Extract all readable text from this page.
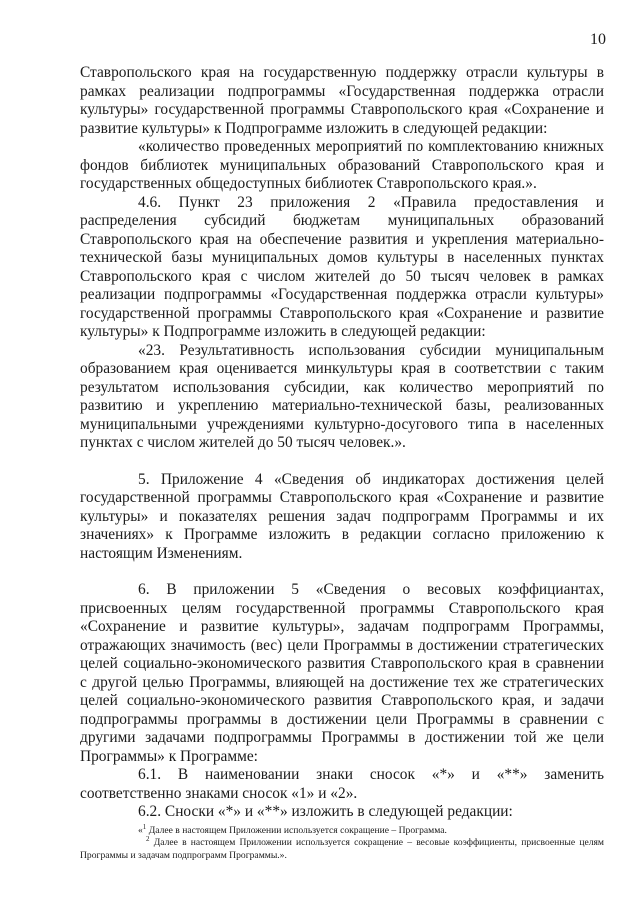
10

Ставропольского края на государственную поддержку отрасли культуры в рамках реализации подпрограммы «Государственная поддержка отрасли культуры» государственной программы Ставропольского края «Сохранение и развитие культуры» к Подпрограмме изложить в следующей редакции:

«количество проведенных мероприятий по комплектованию книжных фондов библиотек муниципальных образований Ставропольского края и государственных общедоступных библиотек Ставропольского края.».

4.6. Пункт 23 приложения 2 «Правила предоставления и распределения субсидий бюджетам муниципальных образований Ставропольского края на обеспечение развития и укрепления материально-технической базы муниципальных домов культуры в населенных пунктах Ставропольского края с числом жителей до 50 тысяч человек в рамках реализации подпрограммы «Государственная поддержка отрасли культуры» государственной программы Ставропольского края «Сохранение и развитие культуры» к Подпрограмме изложить в следующей редакции:

«23. Результативность использования субсидии муниципальным образованием края оценивается минкультуры края в соответствии с таким результатом использования субсидии, как количество мероприятий по развитию и укреплению материально-технической базы, реализованных муниципальными учреждениями культурно-досугового типа в населенных пунктах с числом жителей до 50 тысяч человек.».

5. Приложение 4 «Сведения об индикаторах достижения целей государственной программы Ставропольского края «Сохранение и развитие культуры» и показателях решения задач подпрограмм Программы и их значениях» к Программе изложить в редакции согласно приложению к настоящим Изменениям.

6. В приложении 5 «Сведения о весовых коэффициантах, присвоенных целям государственной программы Ставропольского края «Сохранение и развитие культуры», задачам подпрограмм Программы, отражающих значимость (вес) цели Программы в достижении стратегических целей социально-экономического развития Ставропольского края в сравнении с другой целью Программы, влияющей на достижение тех же стратегических целей социально-экономического развития Ставропольского края, и задачи подпрограммы программы в достижении цели Программы в сравнении с другими задачами подпрограммы Программы в достижении той же цели Программы» к Программе:

6.1. В наименовании знаки сносок «*» и «**» заменить соответственно знаками сносок «1» и «2».

6.2. Сноски «*» и «**» изложить в следующей редакции:

«$^1$ Далее в настоящем Приложении используется сокращение – Программа.

$^2$ Далее в настоящем Приложении используется сокращение – весовые коэффициенты, присвоенные целям Программы и задачам подпрограмм Программы.».
